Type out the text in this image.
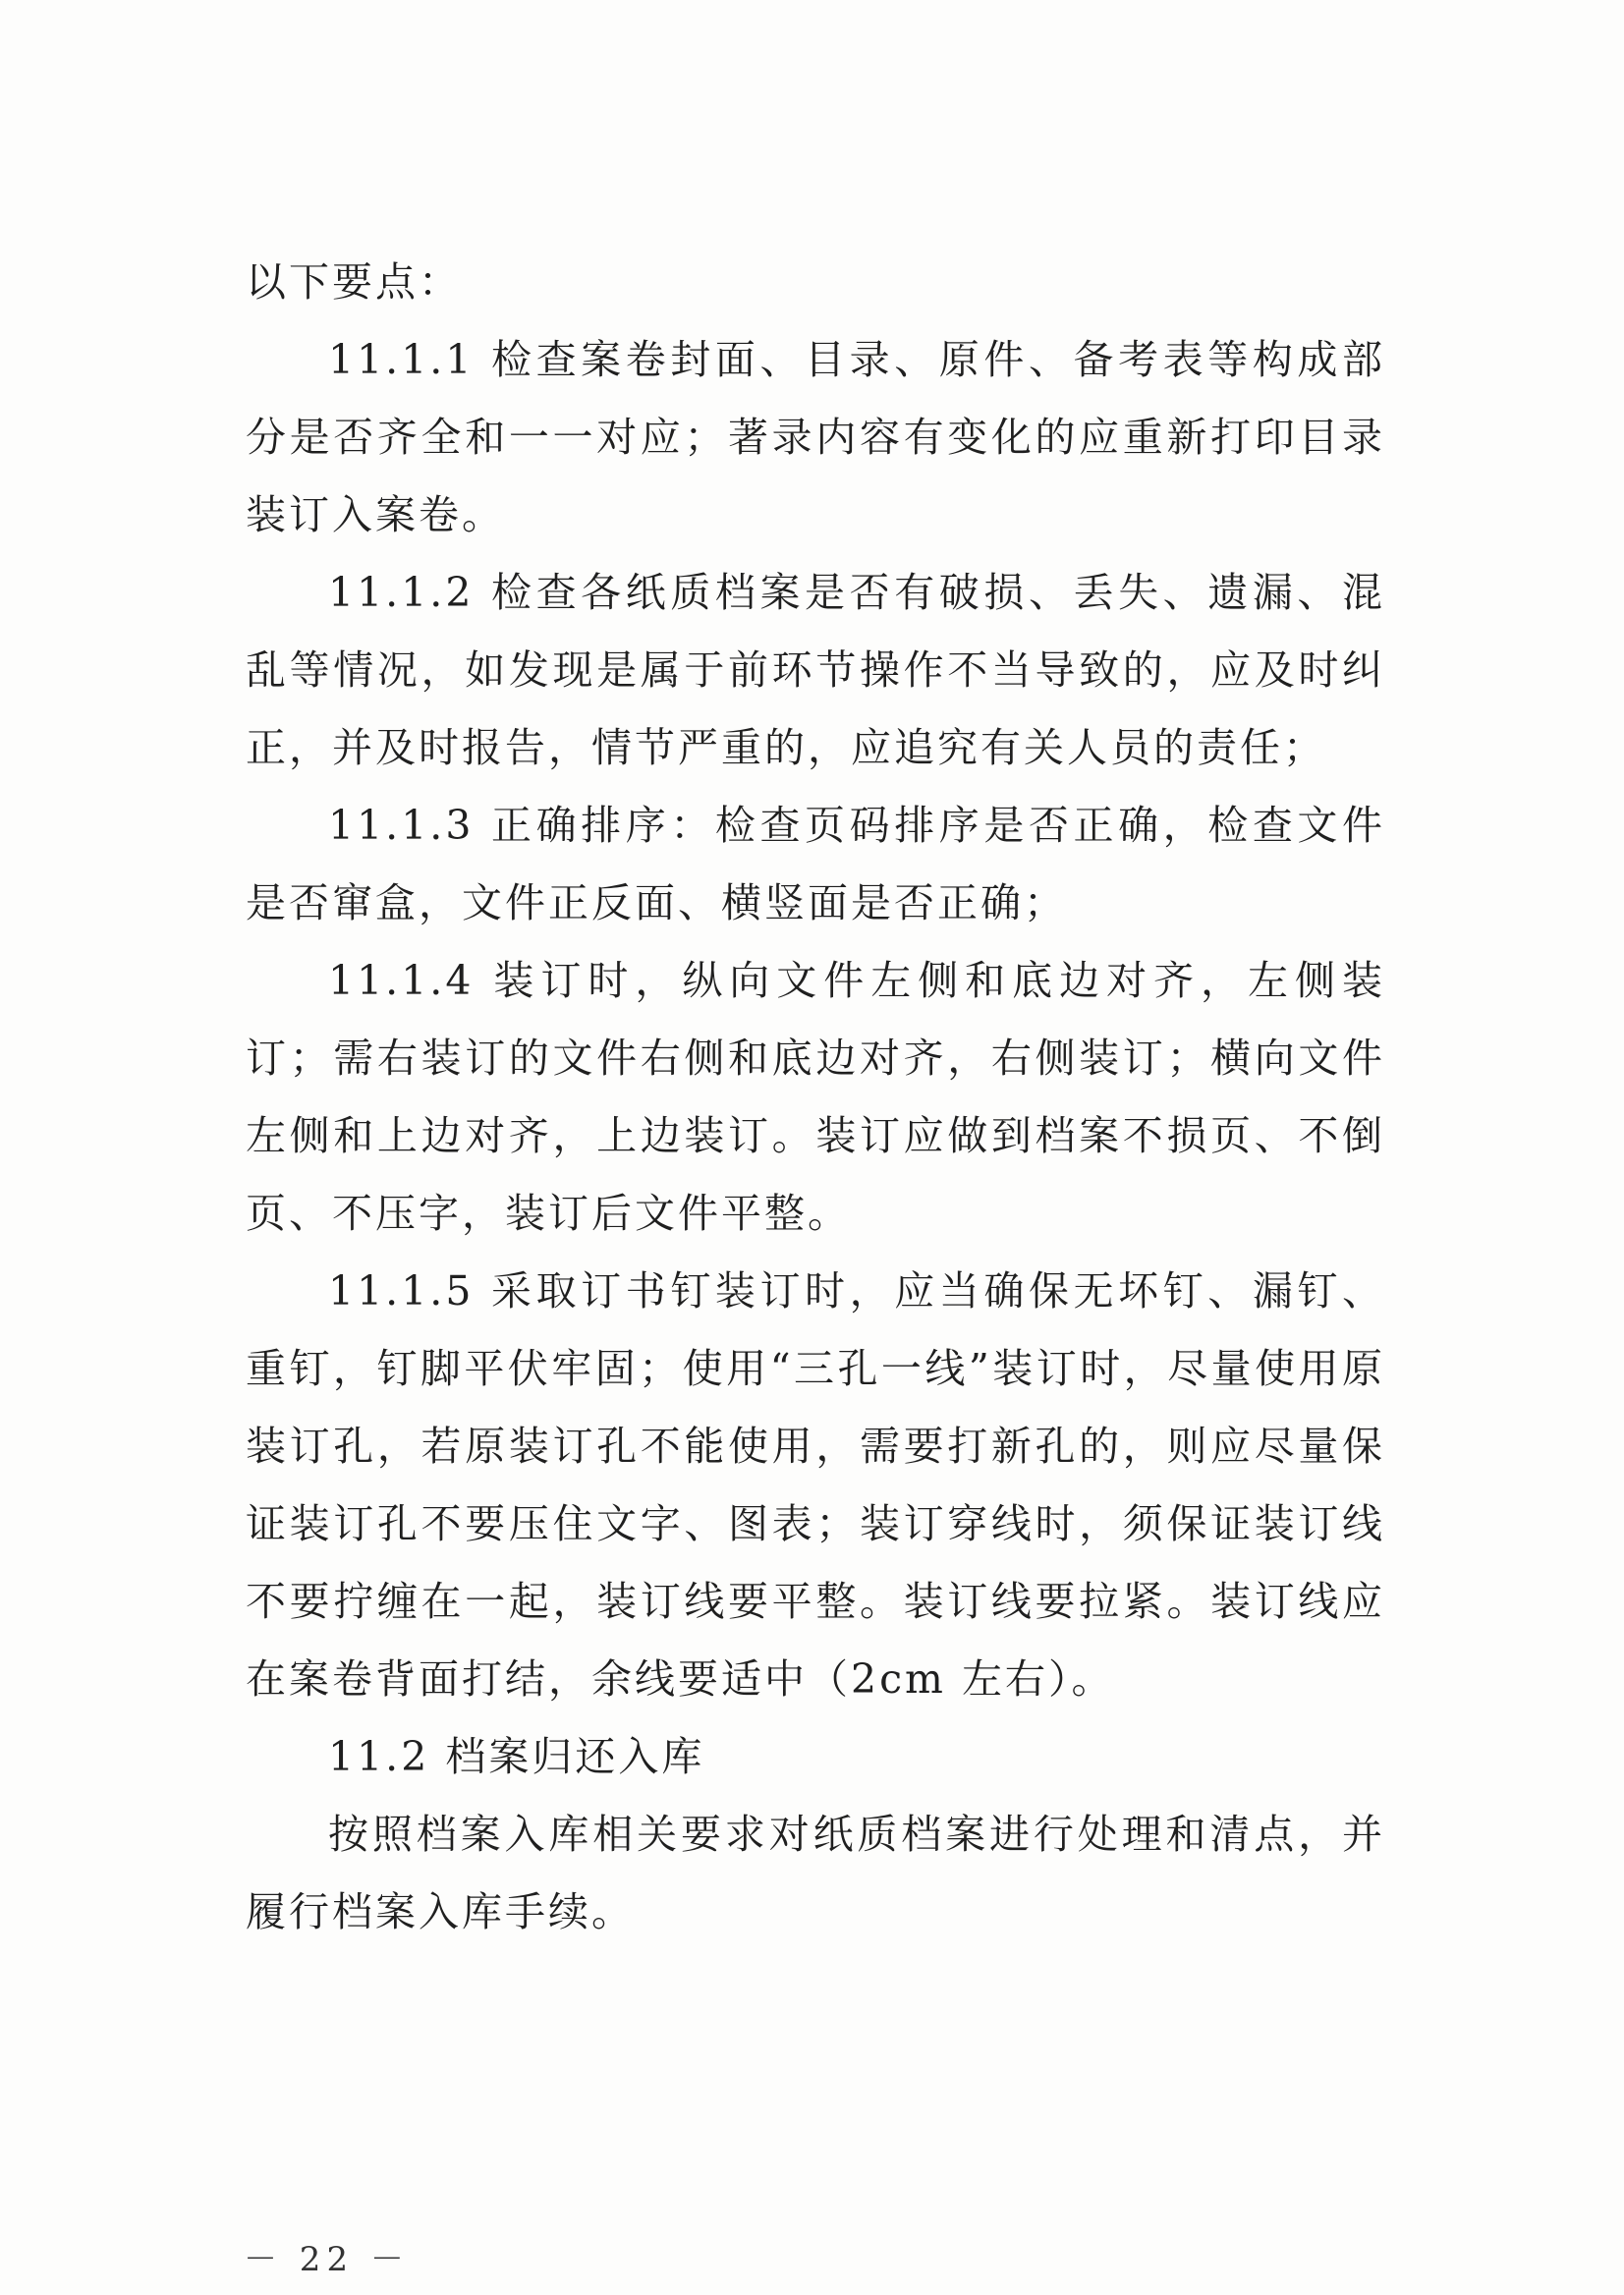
以下要点：

11.1.1 检查案卷封面、目录、原件、备考表等构成部分是否齐全和一一对应；著录内容有变化的应重新打印目录装订入案卷。

11.1.2 检查各纸质档案是否有破损、丢失、遗漏、混乱等情况，如发现是属于前环节操作不当导致的，应及时纠正，并及时报告，情节严重的，应追究有关人员的责任；

11.1.3 正确排序：检查页码排序是否正确，检查文件是否窜盒，文件正反面、横竖面是否正确；

11.1.4 装订时，纵向文件左侧和底边对齐，左侧装订；需右装订的文件右侧和底边对齐，右侧装订；横向文件左侧和上边对齐，上边装订。装订应做到档案不损页、不倒页、不压字，装订后文件平整。

11.1.5 采取订书钉装订时，应当确保无坏钉、漏钉、重钉，钉脚平伏牢固；使用“三孔一线”装订时，尽量使用原装订孔，若原装订孔不能使用，需要打新孔的，则应尽量保证装订孔不要压住文字、图表；装订穿线时，须保证装订线不要拧缠在一起，装订线要平整。装订线要拉紧。装订线应在案卷背面打结，余线要适中（2cm 左右）。

11.2 档案归还入库

按照档案入库相关要求对纸质档案进行处理和清点，并履行档案入库手续。

－ 22 －
